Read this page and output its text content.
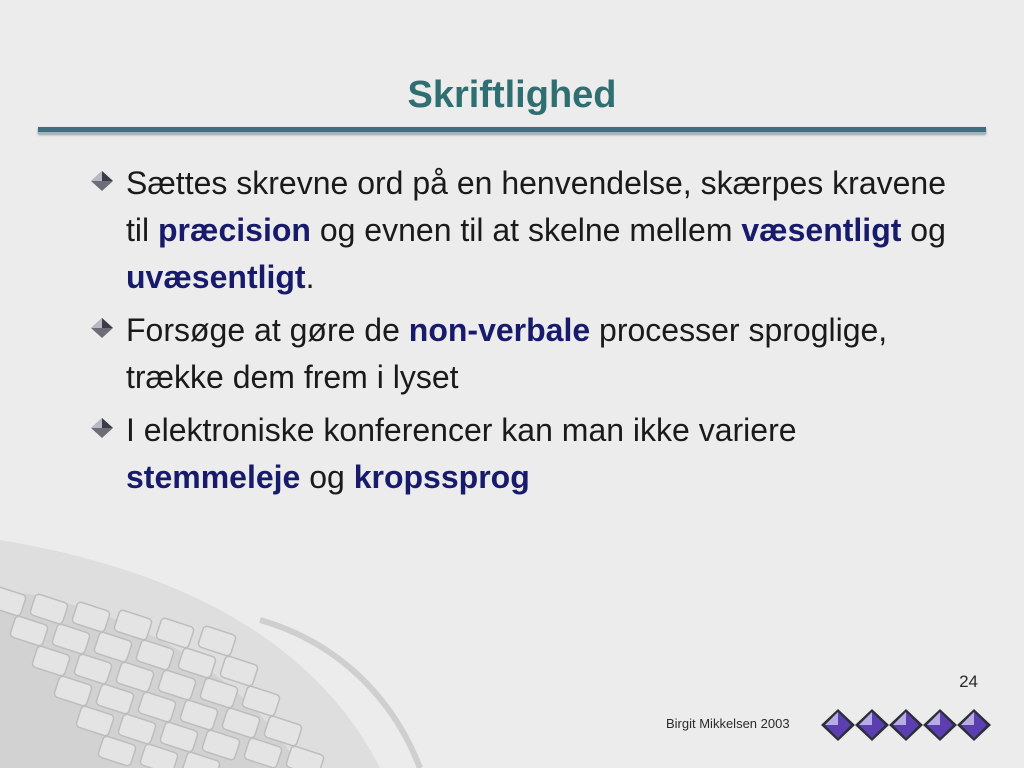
Skriftlighed
Sættes skrevne ord på en henvendelse, skærpes kravene til præcision og evnen til at skelne mellem væsentligt og uvæsentligt.
Forsøge at gøre de non-verbale processer sproglige, trække dem frem i lyset
I elektroniske konferencer kan man ikke variere stemmeleje og kropssprog
24
Birgit Mikkelsen 2003
